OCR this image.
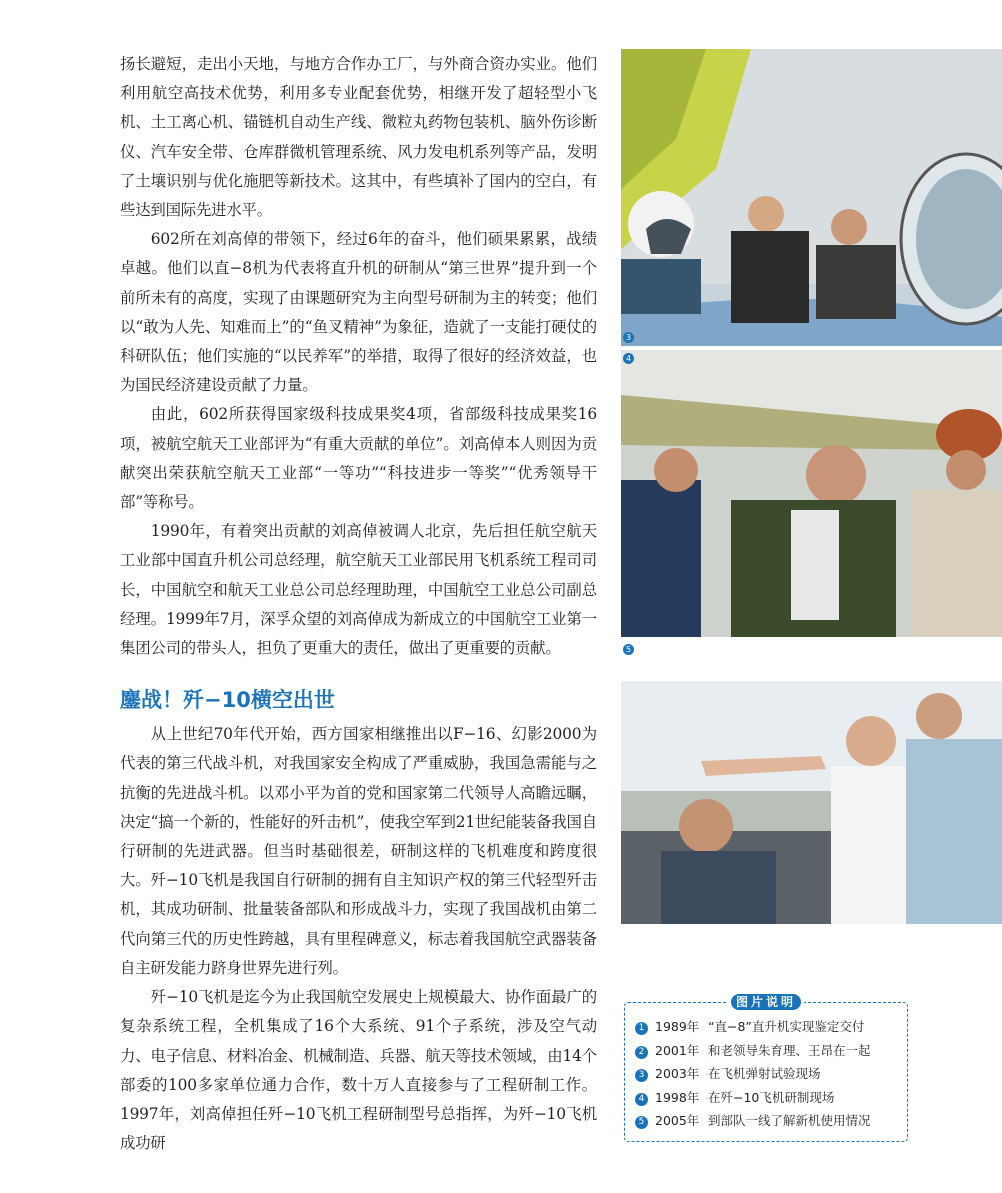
扬长避短，走出小天地，与地方合作办工厂，与外商合资办实业。他们利用航空高技术优势，利用多专业配套优势，相继开发了超轻型小飞机、土工离心机、锚链机自动生产线、微粒丸药物包装机、脑外伤诊断仪、汽车安全带、仓库群微机管理系统、风力发电机系列等产品，发明了土壤识别与优化施肥等新技术。这其中，有些填补了国内的空白，有些达到国际先进水平。

602所在刘高倬的带领下，经过6年的奋斗，他们硕果累累，战绩卓越。他们以直−8机为代表将直升机的研制从“第三世界”提升到一个前所未有的高度，实现了由课题研究为主向型号研制为主的转变；他们以“敢为人先、知难而上”的“鱼叉精神”为象征，造就了一支能打硬仗的科研队伍；他们实施的“以民养军”的举措，取得了很好的经济效益，也为国民经济建设贡献了力量。

由此，602所获得国家级科技成果奖4项，省部级科技成果奖16项，被航空航天工业部评为“有重大贡献的单位”。刘高倬本人则因为贡献突出荣获航空航天工业部“一等功”“科技进步一等奖”“优秀领导干部”等称号。

1990年，有着突出贡献的刘高倬被调人北京，先后担任航空航天工业部中国直升机公司总经理，航空航天工业部民用飞机系统工程司司长，中国航空和航天工业总公司总经理助理，中国航空工业总公司副总经理。1999年7月，深孚众望的刘高倬成为新成立的中国航空工业第一集团公司的带头人，担负了更重大的责任，做出了更重要的贡献。

鏖战！歼−10横空出世

从上世纪70年代开始，西方国家相继推出以F−16、幻影2000为代表的第三代战斗机，对我国家安全构成了严重威胁，我国急需能与之抗衡的先进战斗机。以邓小平为首的党和国家第二代领导人高瞻远瞩，决定“搞一个新的，性能好的歼击机”，使我空军到21世纪能装备我国自行研制的先进武器。但当时基础很差，研制这样的飞机难度和跨度很大。歼−10飞机是我国自行研制的拥有自主知识产权的第三代轻型歼击机，其成功研制、批量装备部队和形成战斗力，实现了我国战机由第二代向第三代的历史性跨越，具有里程碑意义，标志着我国航空武器装备自主研发能力跻身世界先进行列。

歼−10飞机是迄今为止我国航空发展史上规模最大、协作面最广的复杂系统工程，全机集成了16个大系统、91个子系统，涉及空气动力、电子信息、材料冶金、机械制造、兵器、航天等技术领域，由14个部委的100多家单位通力合作，数十万人直接参与了工程研制工作。1997年，刘高倬担任歼−10飞机工程研制型号总指挥，为歼−10飞机成功研

3
4
5
图片说明
1 1989年 “直−8”直升机实现鉴定交付
2 2001年 和老领导朱育理、王昂在一起
3 2003年 在飞机弹射试验现场
4 1998年 在歼−10飞机研制现场
5 2005年 到部队一线了解新机使用情况
